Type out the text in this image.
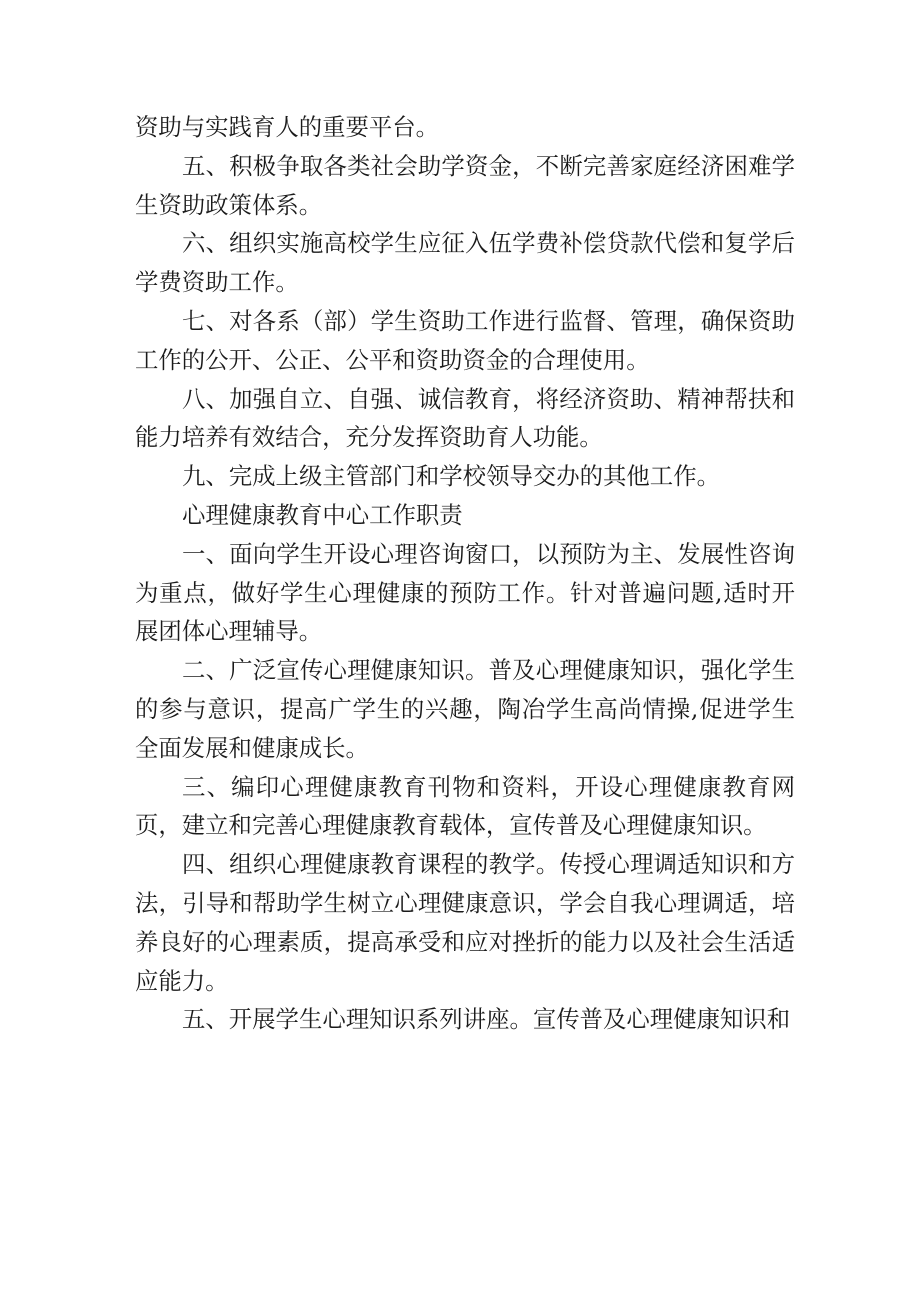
资助与实践育人的重要平台。

五、积极争取各类社会助学资金，不断完善家庭经济困难学生资助政策体系。

六、组织实施高校学生应征入伍学费补偿贷款代偿和复学后学费资助工作。

七、对各系（部）学生资助工作进行监督、管理，确保资助工作的公开、公正、公平和资助资金的合理使用。

八、加强自立、自强、诚信教育，将经济资助、精神帮扶和能力培养有效结合，充分发挥资助育人功能。

九、完成上级主管部门和学校领导交办的其他工作。

心理健康教育中心工作职责

一、面向学生开设心理咨询窗口，以预防为主、发展性咨询为重点，做好学生心理健康的预防工作。针对普遍问题,适时开展团体心理辅导。

二、广泛宣传心理健康知识。普及心理健康知识，强化学生的参与意识，提高广学生的兴趣，陶冶学生高尚情操,促进学生全面发展和健康成长。

三、编印心理健康教育刊物和资料，开设心理健康教育网页，建立和完善心理健康教育载体，宣传普及心理健康知识。

四、组织心理健康教育课程的教学。传授心理调适知识和方法，引导和帮助学生树立心理健康意识，学会自我心理调适，培养良好的心理素质，提高承受和应对挫折的能力以及社会生活适应能力。

五、开展学生心理知识系列讲座。宣传普及心理健康知识和
